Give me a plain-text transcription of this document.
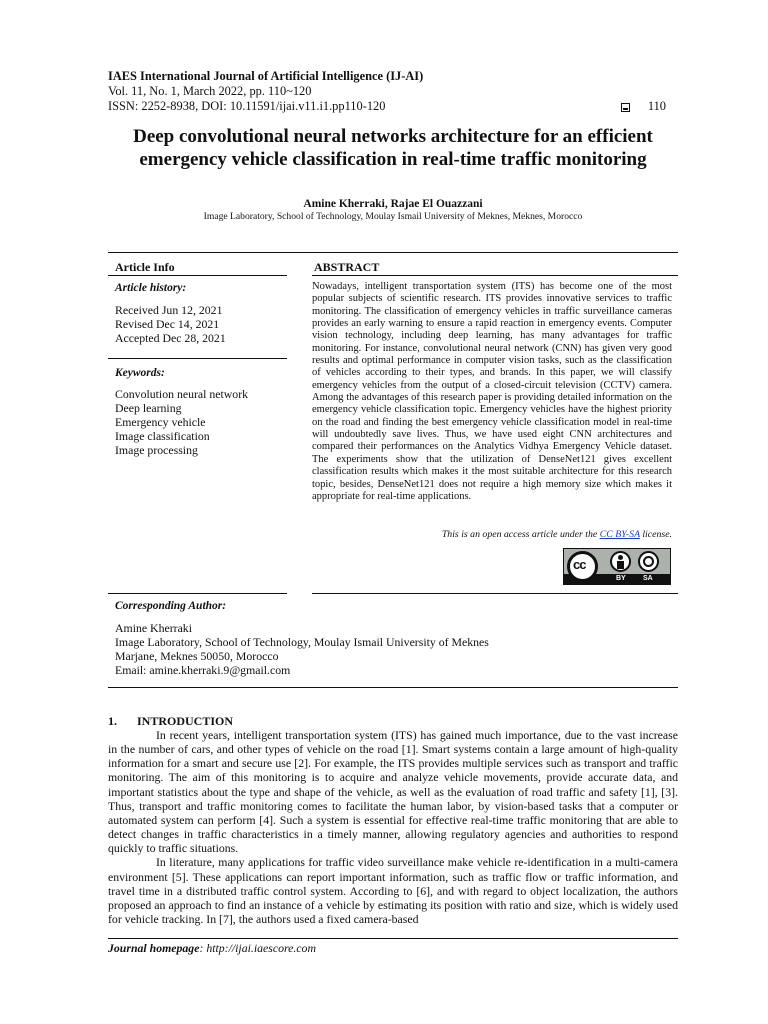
IAES International Journal of Artificial Intelligence (IJ-AI)
Vol. 11, No. 1, March 2022, pp. 110~120
ISSN: 2252-8938, DOI: 10.11591/ijai.v11.i1.pp110-120	110
Deep convolutional neural networks architecture for an efficient
emergency vehicle classification in real-time traffic monitoring
Amine Kherraki, Rajae El Ouazzani
Image Laboratory, School of Technology, Moulay Ismail University of Meknes, Meknes, Morocco
Article Info
Article history:
Received Jun 12, 2021
Revised Dec 14, 2021
Accepted Dec 28, 2021
Keywords:
Convolution neural network
Deep learning
Emergency vehicle
Image classification
Image processing
ABSTRACT
Nowadays, intelligent transportation system (ITS) has become one of the most popular subjects of scientific research. ITS provides innovative services to traffic monitoring. The classification of emergency vehicles in traffic surveillance cameras provides an early warning to ensure a rapid reaction in emergency events. Computer vision technology, including deep learning, has many advantages for traffic monitoring. For instance, convolutional neural network (CNN) has given very good results and optimal performance in computer vision tasks, such as the classification of vehicles according to their types, and brands. In this paper, we will classify emergency vehicles from the output of a closed-circuit television (CCTV) camera. Among the advantages of this research paper is providing detailed information on the emergency vehicle classification topic. Emergency vehicles have the highest priority on the road and finding the best emergency vehicle classification model in real-time will undoubtedly save lives. Thus, we have used eight CNN architectures and compared their performances on the Analytics Vidhya Emergency Vehicle dataset. The experiments show that the utilization of DenseNet121 gives excellent classification results which makes it the most suitable architecture for this research topic, besides, DenseNet121 does not require a high memory size which makes it appropriate for real-time applications.
This is an open access article under the CC BY-SA license.
cc
BY SA
Corresponding Author:
Amine Kherraki
Image Laboratory, School of Technology, Moulay Ismail University of Meknes
Marjane, Meknes 50050, Morocco
Email: amine.kherraki.9@gmail.com
1. INTRODUCTION

In recent years, intelligent transportation system (ITS) has gained much importance, due to the vast increase in the number of cars, and other types of vehicle on the road [1]. Smart systems contain a large amount of high-quality information for a smart and secure use [2]. For example, the ITS provides multiple services such as transport and traffic monitoring. The aim of this monitoring is to acquire and analyze vehicle movements, provide accurate data, and important statistics about the type and shape of the vehicle, as well as the evaluation of road traffic and safety [1], [3]. Thus, transport and traffic monitoring comes to facilitate the human labor, by vision-based tasks that a computer or automated system can perform [4]. Such a system is essential for effective real-time traffic monitoring that are able to detect changes in traffic characteristics in a timely manner, allowing regulatory agencies and authorities to respond quickly to traffic situations.

In literature, many applications for traffic video surveillance make vehicle re-identification in a multi-camera environment [5]. These applications can report important information, such as traffic flow or traffic information, and travel time in a distributed traffic control system. According to [6], and with regard to object localization, the authors proposed an approach to find an instance of a vehicle by estimating its position with ratio and size, which is widely used for vehicle tracking. In [7], the authors used a fixed camera-based

Journal homepage: http://ijai.iaescore.com
